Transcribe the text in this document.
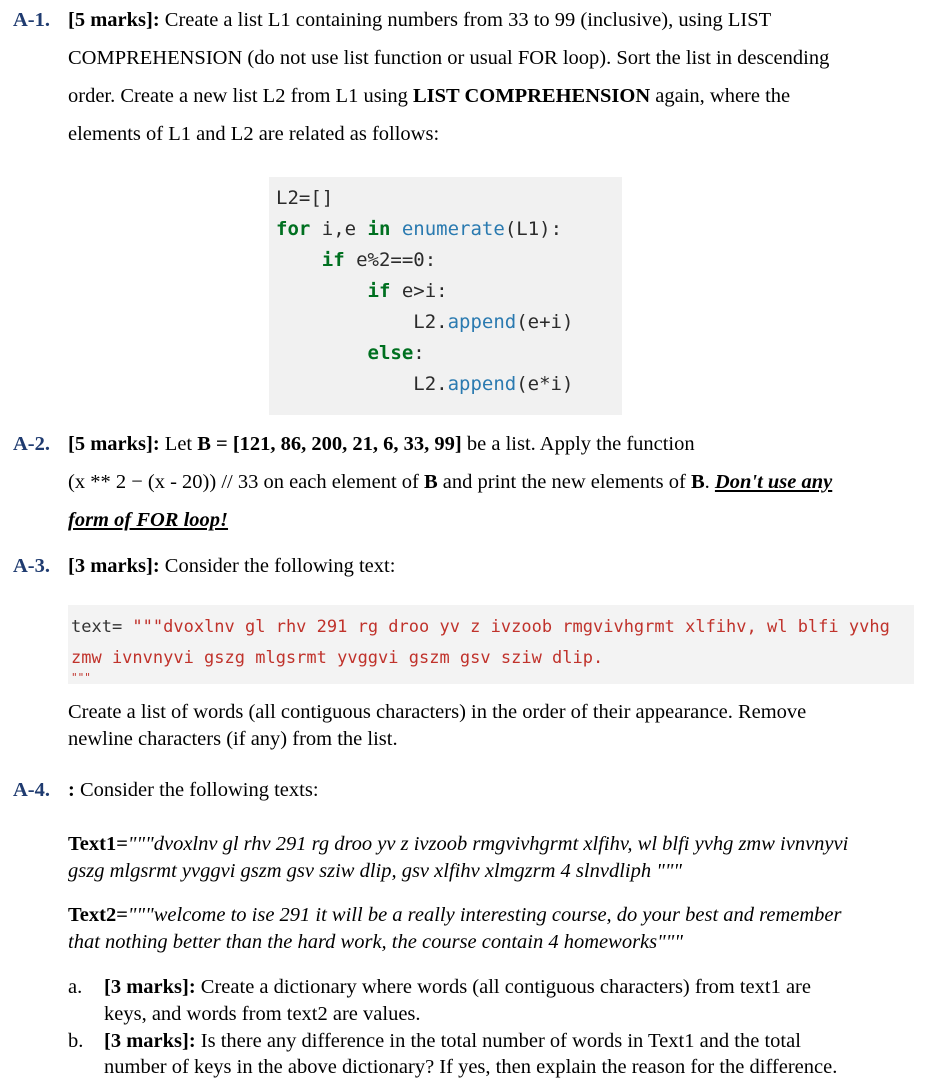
A-1. [5 marks]: Create a list L1 containing numbers from 33 to 99 (inclusive), using LIST
COMPREHENSION (do not use list function or usual FOR loop). Sort the list in descending
order. Create a new list L2 from L1 using LIST COMPREHENSION again, where the
elements of L1 and L2 are related as follows:
L2=[]
for i,e in enumerate(L1):
if e%2==0:
if e>i:
L2.append(e+i)
else:
L2.append(e*i)
A-2. [5 marks]: Let B = [121, 86, 200, 21, 6, 33, 99] be a list. Apply the function
(x ** 2 − (x - 20)) // 33 on each element of B and print the new elements of B. Don't use any
form of FOR loop!
A-3. [3 marks]: Consider the following text:
text= """dvoxlnv gl rhv 291 rg droo yv z ivzoob rmgvivhgrmt xlfihv, wl blfi yvhg
zmw ivnvnyvi gszg mlgsrmt yvggvi gszm gsv sziw dlip.
"""
Create a list of words (all contiguous characters) in the order of their appearance. Remove
newline characters (if any) from the list.
A-4. : Consider the following texts:
Text1="""dvoxlnv gl rhv 291 rg droo yv z ivzoob rmgvivhgrmt xlfihv, wl blfi yvhg zmw ivnvnyvi
gszg mlgsrmt yvggvi gszm gsv sziw dlip, gsv xlfihv xlmgzrm 4 slnvdliph """
Text2="""welcome to ise 291 it will be a really interesting course, do your best and remember
that nothing better than the hard work, the course contain 4 homeworks"""
a. [3 marks]: Create a dictionary where words (all contiguous characters) from text1 are
keys, and words from text2 are values.
b. [3 marks]: Is there any difference in the total number of words in Text1 and the total
number of keys in the above dictionary? If yes, then explain the reason for the difference.
